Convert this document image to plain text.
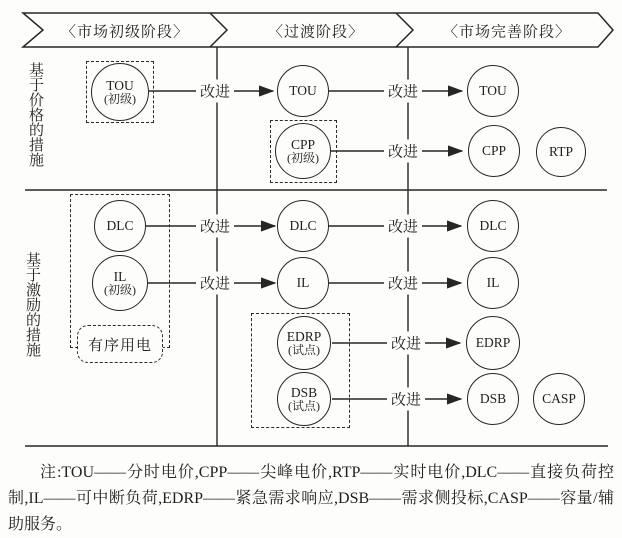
〈市场初级阶段〉	〈过渡阶段〉	〈市场完善阶段〉
基于价格的措施
基于激励的措施	有序用电
TOU
(初级)
DLC
IL
(初级)
TOU
CPP
(初级)
DLC
IL
EDRP
(试点)
DSB
(试点)
TOU
CPP	RTP
DLC
IL
EDRP
DSB	CASP
改进	改进
改进
改进	改进
改进	改进
改进
改进
注:TOU——分时电价,CPP——尖峰电价,RTP——实时电价,DLC——直接负荷控制,IL——可中断负荷,EDRP——紧急需求响应,DSB——需求侧投标,CASP——容量/辅助服务。
